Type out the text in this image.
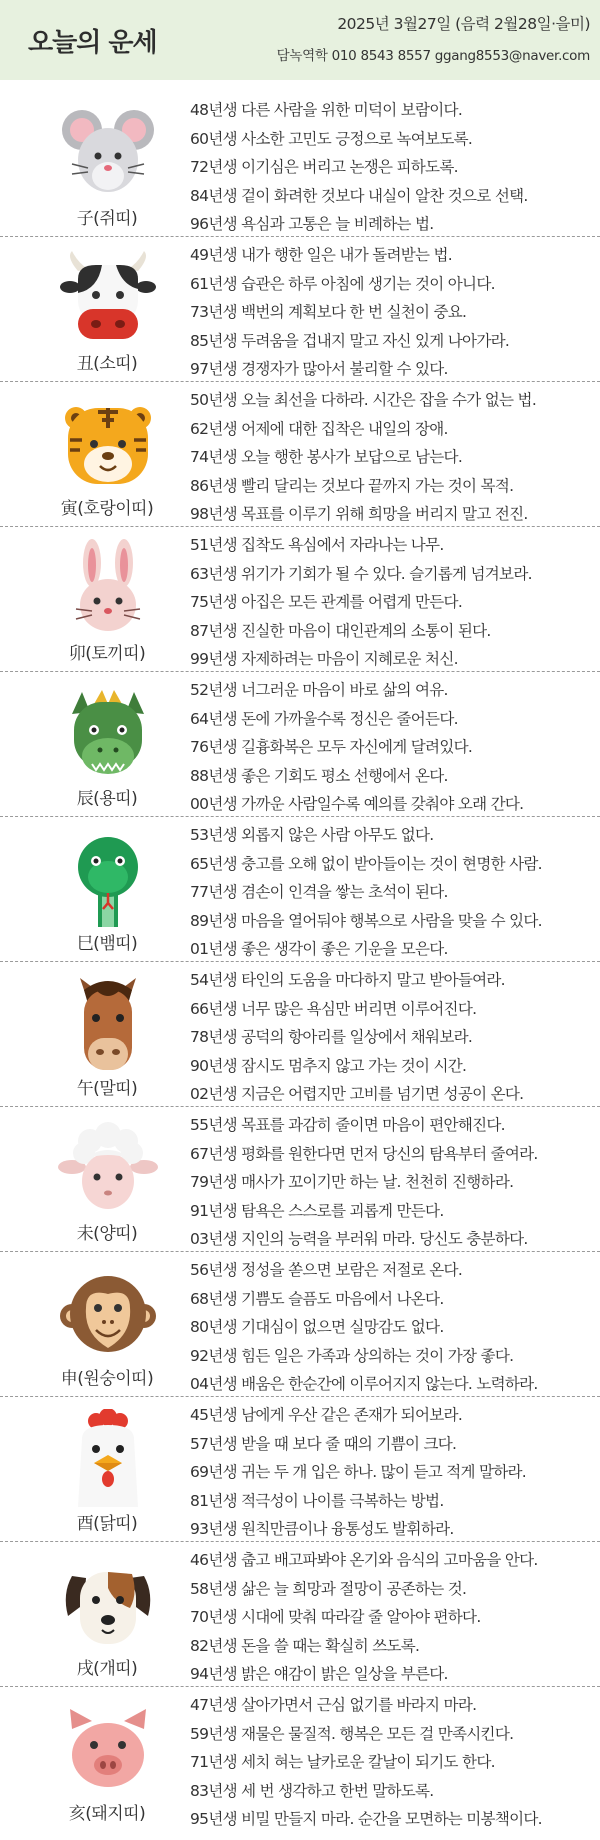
오늘의 운세
2025년 3월27일 (음력 2월28일·을미)
담녹역학 010 8543 8557 ggang8553@naver.com
子(쥐띠)
48년생 다른 사람을 위한 미덕이 보람이다.
60년생 사소한 고민도 긍정으로 녹여보도록.
72년생 이기심은 버리고 논쟁은 피하도록.
84년생 겉이 화려한 것보다 내실이 알찬 것으로 선택.
96년생 욕심과 고통은 늘 비례하는 법.
丑(소띠)
49년생 내가 행한 일은 내가 돌려받는 법.
61년생 습관은 하루 아침에 생기는 것이 아니다.
73년생 백번의 계획보다 한 번 실천이 중요.
85년생 두려움을 겁내지 말고 자신 있게 나아가라.
97년생 경쟁자가 많아서 불리할 수 있다.
寅(호랑이띠)
50년생 오늘 최선을 다하라. 시간은 잡을 수가 없는 법.
62년생 어제에 대한 집착은 내일의 장애.
74년생 오늘 행한 봉사가 보답으로 남는다.
86년생 빨리 달리는 것보다 끝까지 가는 것이 목적.
98년생 목표를 이루기 위해 희망을 버리지 말고 전진.
卯(토끼띠)
51년생 집착도 욕심에서 자라나는 나무.
63년생 위기가 기회가 될 수 있다. 슬기롭게 넘겨보라.
75년생 아집은 모든 관계를 어렵게 만든다.
87년생 진실한 마음이 대인관계의 소통이 된다.
99년생 자제하려는 마음이 지혜로운 처신.
辰(용띠)
52년생 너그러운 마음이 바로 삶의 여유.
64년생 돈에 가까울수록 정신은 줄어든다.
76년생 길흉화복은 모두 자신에게 달려있다.
88년생 좋은 기회도 평소 선행에서 온다.
00년생 가까운 사람일수록 예의를 갖춰야 오래 간다.
巳(뱀띠)
53년생 외롭지 않은 사람 아무도 없다.
65년생 충고를 오해 없이 받아들이는 것이 현명한 사람.
77년생 겸손이 인격을 쌓는 초석이 된다.
89년생 마음을 열어둬야 행복으로 사람을 맞을 수 있다.
01년생 좋은 생각이 좋은 기운을 모은다.
午(말띠)
54년생 타인의 도움을 마다하지 말고 받아들여라.
66년생 너무 많은 욕심만 버리면 이루어진다.
78년생 공덕의 항아리를 일상에서 채워보라.
90년생 잠시도 멈추지 않고 가는 것이 시간.
02년생 지금은 어렵지만 고비를 넘기면 성공이 온다.
未(양띠)
55년생 목표를 과감히 줄이면 마음이 편안해진다.
67년생 평화를 원한다면 먼저 당신의 탐욕부터 줄여라.
79년생 매사가 꼬이기만 하는 날. 천천히 진행하라.
91년생 탐욕은 스스로를 괴롭게 만든다.
03년생 지인의 능력을 부러워 마라. 당신도 충분하다.
申(원숭이띠)
56년생 정성을 쏟으면 보람은 저절로 온다.
68년생 기쁨도 슬픔도 마음에서 나온다.
80년생 기대심이 없으면 실망감도 없다.
92년생 힘든 일은 가족과 상의하는 것이 가장 좋다.
04년생 배움은 한순간에 이루어지지 않는다. 노력하라.
酉(닭띠)
45년생 남에게 우산 같은 존재가 되어보라.
57년생 받을 때 보다 줄 때의 기쁨이 크다.
69년생 귀는 두 개 입은 하나. 많이 듣고 적게 말하라.
81년생 적극성이 나이를 극복하는 방법.
93년생 원칙만큼이나 융통성도 발휘하라.
戌(개띠)
46년생 춥고 배고파봐야 온기와 음식의 고마움을 안다.
58년생 삶은 늘 희망과 절망이 공존하는 것.
70년생 시대에 맞춰 따라갈 줄 알아야 편하다.
82년생 돈을 쓸 때는 확실히 쓰도록.
94년생 밝은 얘감이 밝은 일상을 부른다.
亥(돼지띠)
47년생 살아가면서 근심 없기를 바라지 마라.
59년생 재물은 물질적. 행복은 모든 걸 만족시킨다.
71년생 세치 혀는 날카로운 칼날이 되기도 한다.
83년생 세 번 생각하고 한번 말하도록.
95년생 비밀 만들지 마라. 순간을 모면하는 미봉책이다.
